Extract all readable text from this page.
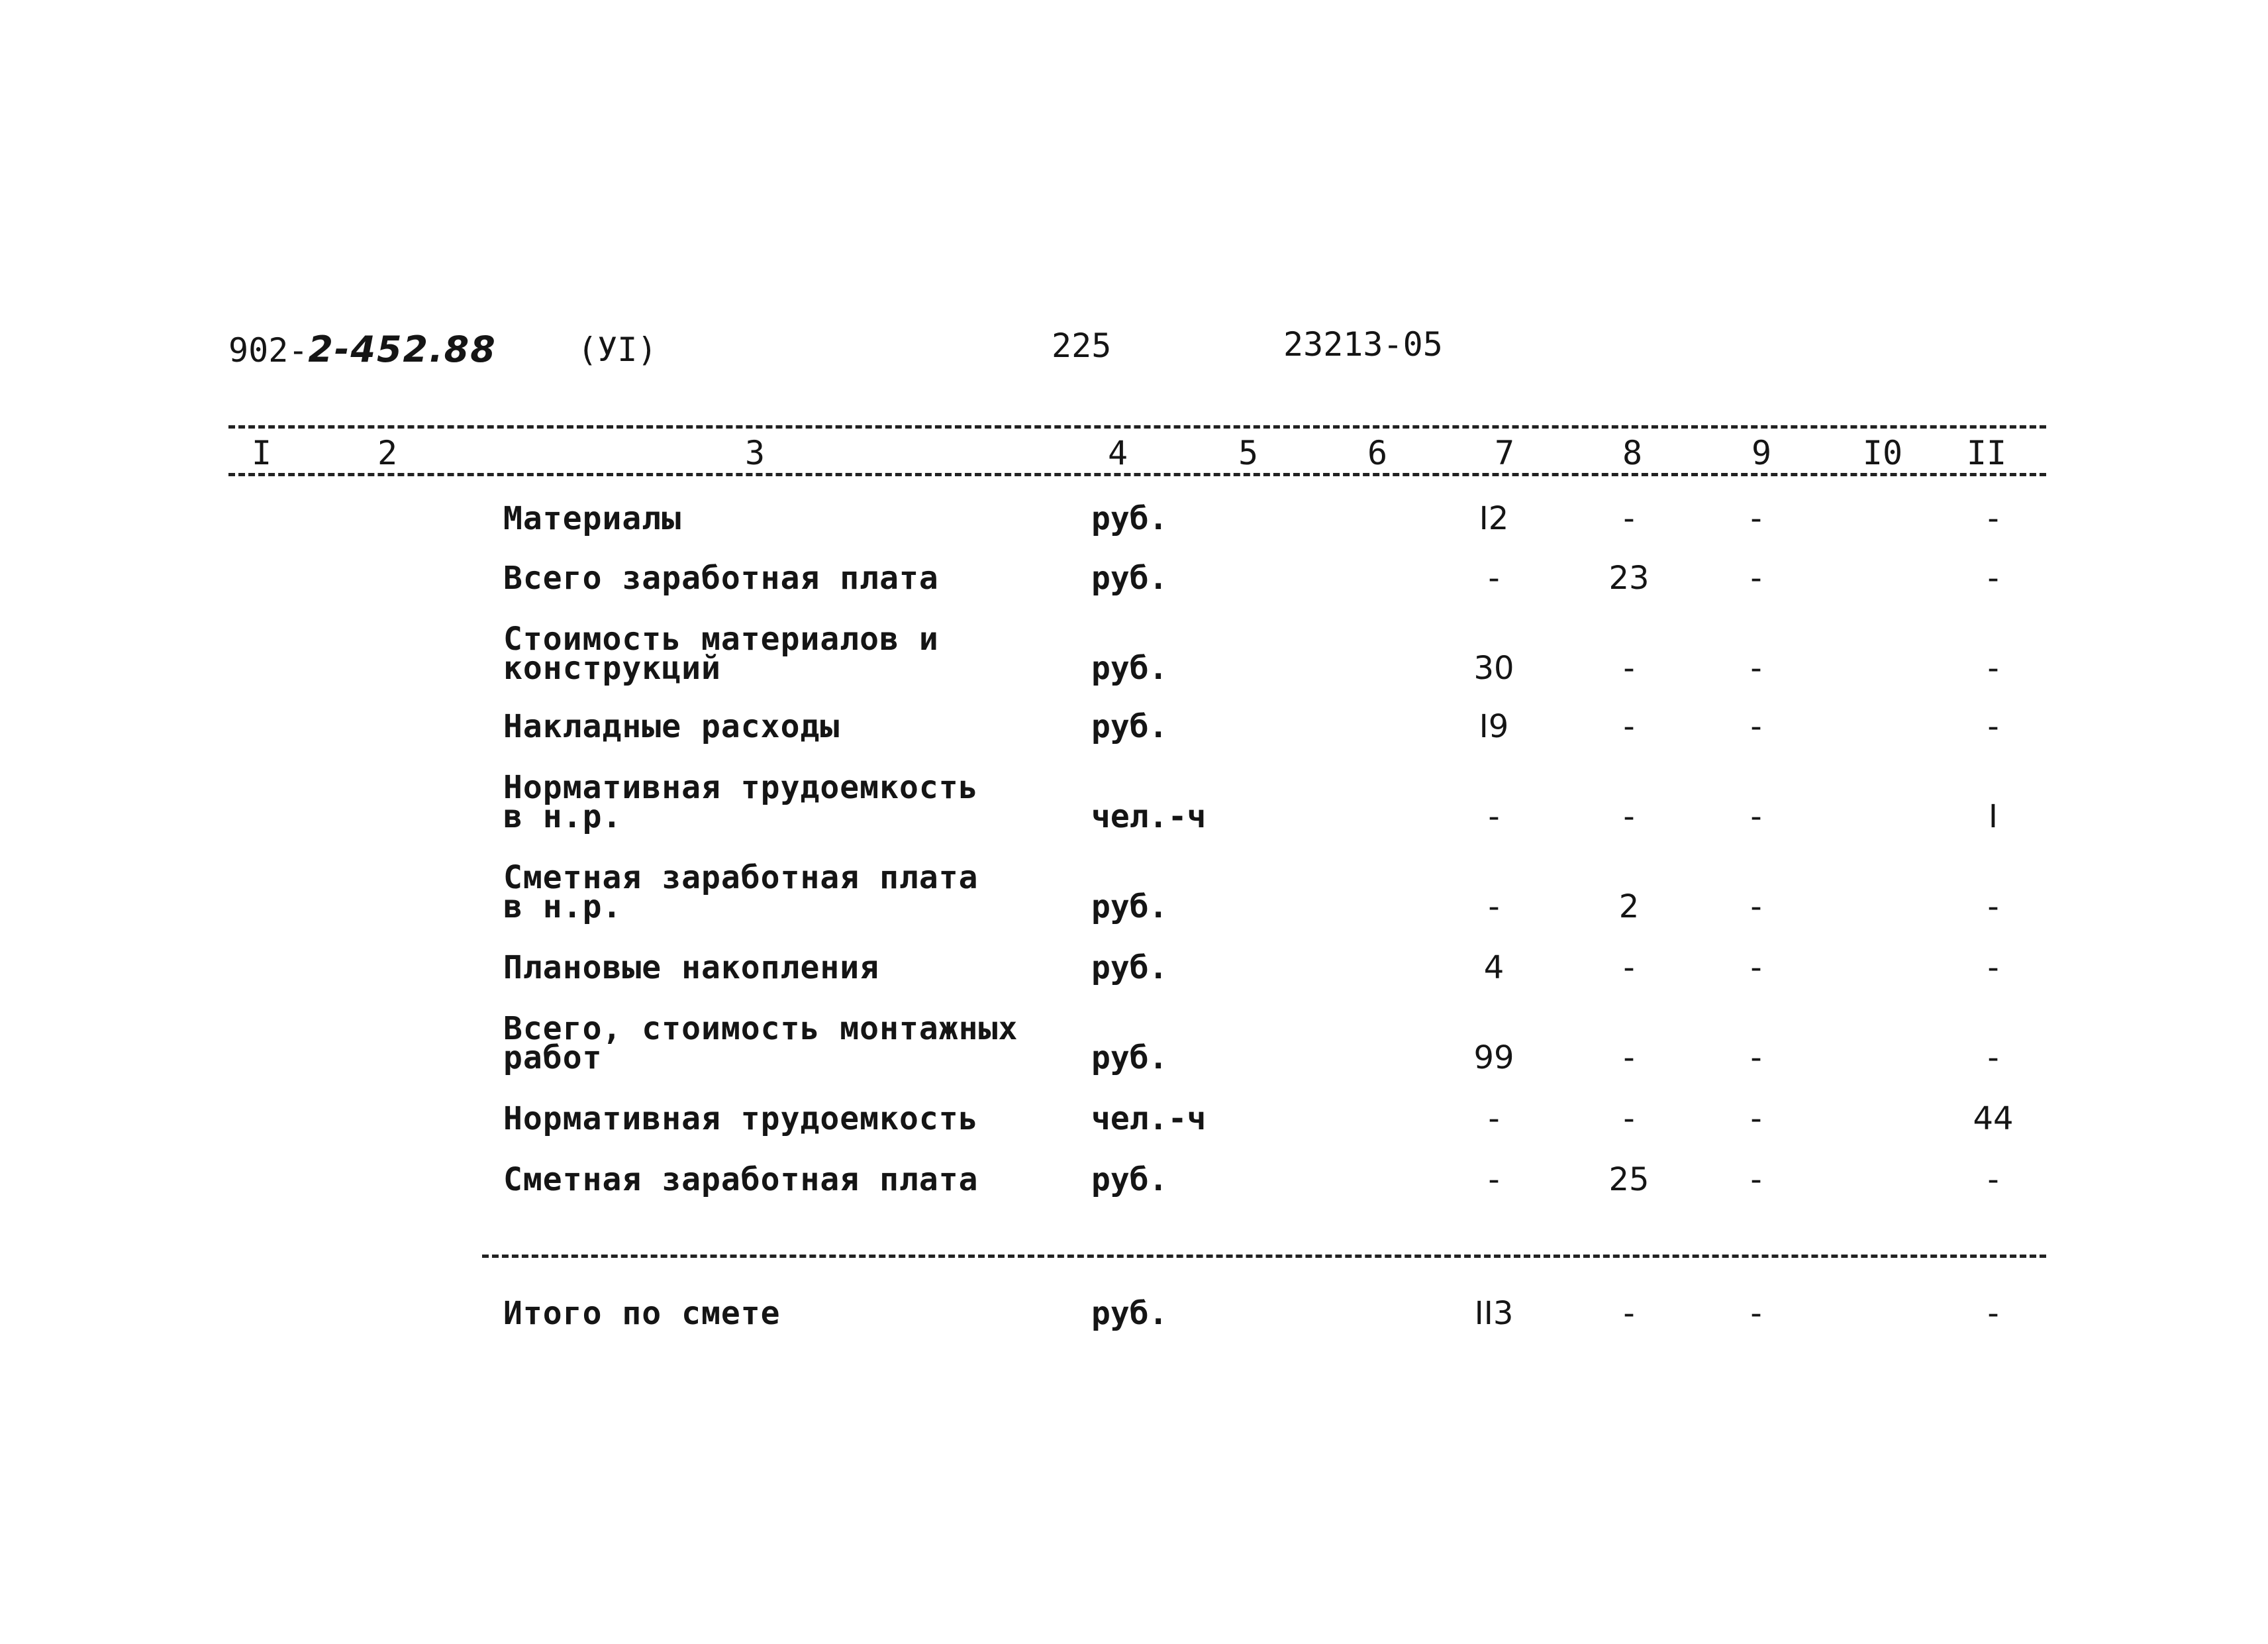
902-2-452.88 (УI)	225	23213-05
I	2	3	4	5	6	7	8	9	I0 II
Материалы	руб.	I2	-	-	-
Всего заработная плата	руб.	-	23	-	-
Стоимость материалов и
конструкций	руб.	30	-	-	-
Накладные расходы	руб.	I9	-	-	-
Нормативная трудоемкость
в н.р.	чел.-ч	-	-	-	I
Сметная заработная плата
в н.р.	руб.	-	2	-	-
Плановые накопления	руб.	4	-	-	-
Всего, стоимость монтажных
работ	руб.	99	-	-	-
Нормативная трудоемкость	чел.-ч	-	-	-	44
Сметная заработная плата	руб.	-	25	-	-
Итого по смете	руб.	II3	-	-	-
